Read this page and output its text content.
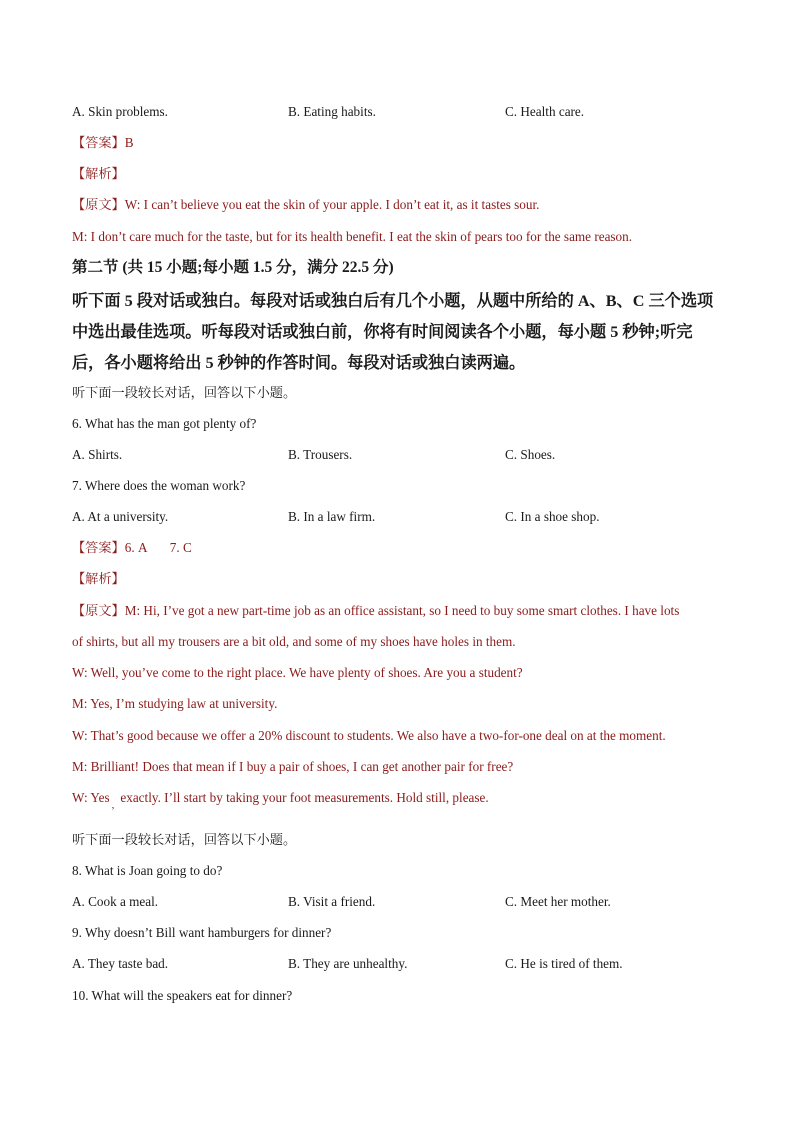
A. Skin problems.	B. Eating habits.	C. Health care.
【答案】B
【解析】
【原文】W: I can’t believe you eat the skin of your apple. I don’t eat it, as it tastes sour.
M: I don’t care much for the taste, but for its health benefit. I eat the skin of pears too for the same reason.
第二节 (共 15 小题;每小题 1.5 分，满分 22.5 分)
听下面 5 段对话或独白。每段对话或独白后有几个小题，从题中所给的 A、B、C 三个选项中选出最佳选项。听每段对话或独白前，你将有时间阅读各个小题，每小题 5 秒钟;听完后，各小题将给出 5 秒钟的作答时间。每段对话或独白读两遍。
听下面一段较长对话，回答以下小题。
6. What has the man got plenty of?
A. Shirts.	B. Trousers.	C. Shoes.
7. Where does the woman work?
A. At a university.	B. In a law firm.	C. In a shoe shop.
【答案】6. A       7. C
【解析】
【原文】M: Hi, I’ve got a new part-time job as an office assistant, so I need to buy some smart clothes. I have lots
of shirts, but all my trousers are a bit old, and some of my shoes have holes in them.
W: Well, you’ve come to the right place. We have plenty of shoes. Are you a student?
M: Yes, I’m studying law at university.
W: That’s good because we offer a 20% discount to students. We also have a two-for-one deal on at the moment.
M: Brilliant! Does that mean if I buy a pair of shoes, I can get another pair for free?
W: Yes $_,$ exactly. I’ll start by taking your foot measurements. Hold still, please.
听下面一段较长对话，回答以下小题。
8. What is Joan going to do?
A. Cook a meal.	B. Visit a friend.	C. Meet her mother.
9. Why doesn’t Bill want hamburgers for dinner?
A. They taste bad.	B. They are unhealthy.	C. He is tired of them.
10. What will the speakers eat for dinner?
